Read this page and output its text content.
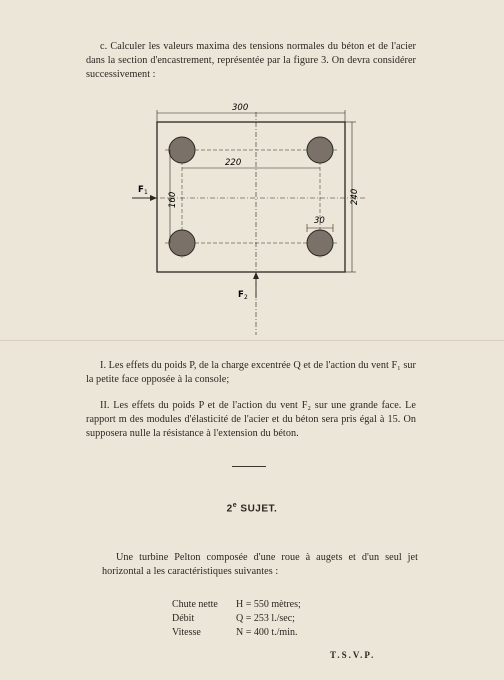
c. Calculer les valeurs maxima des tensions normales du béton et de l'acier dans la section d'encastrement, représentée par la figure 3. On devra considérer successivement :
300
220
240
160
30
F 1
F 2
I. Les effets du poids P, de la charge excentrée Q et de l'action du vent F₁ sur la petite face opposée à la console;
II. Les effets du poids P et de l'action du vent F₂ sur une grande face. Le rapport m des modules d'élasticité de l'acier et du béton sera pris égal à 15. On supposera nulle la résistance à l'extension du béton.
2e SUJET.
Une turbine Pelton composée d'une roue à augets et d'un seul jet horizontal a les caractéristiques suivantes :
Chute nette	H = 550 mètres;
Débit	Q = 253 l./sec;
Vitesse	N = 400 t./min.
T.S.V.P.
